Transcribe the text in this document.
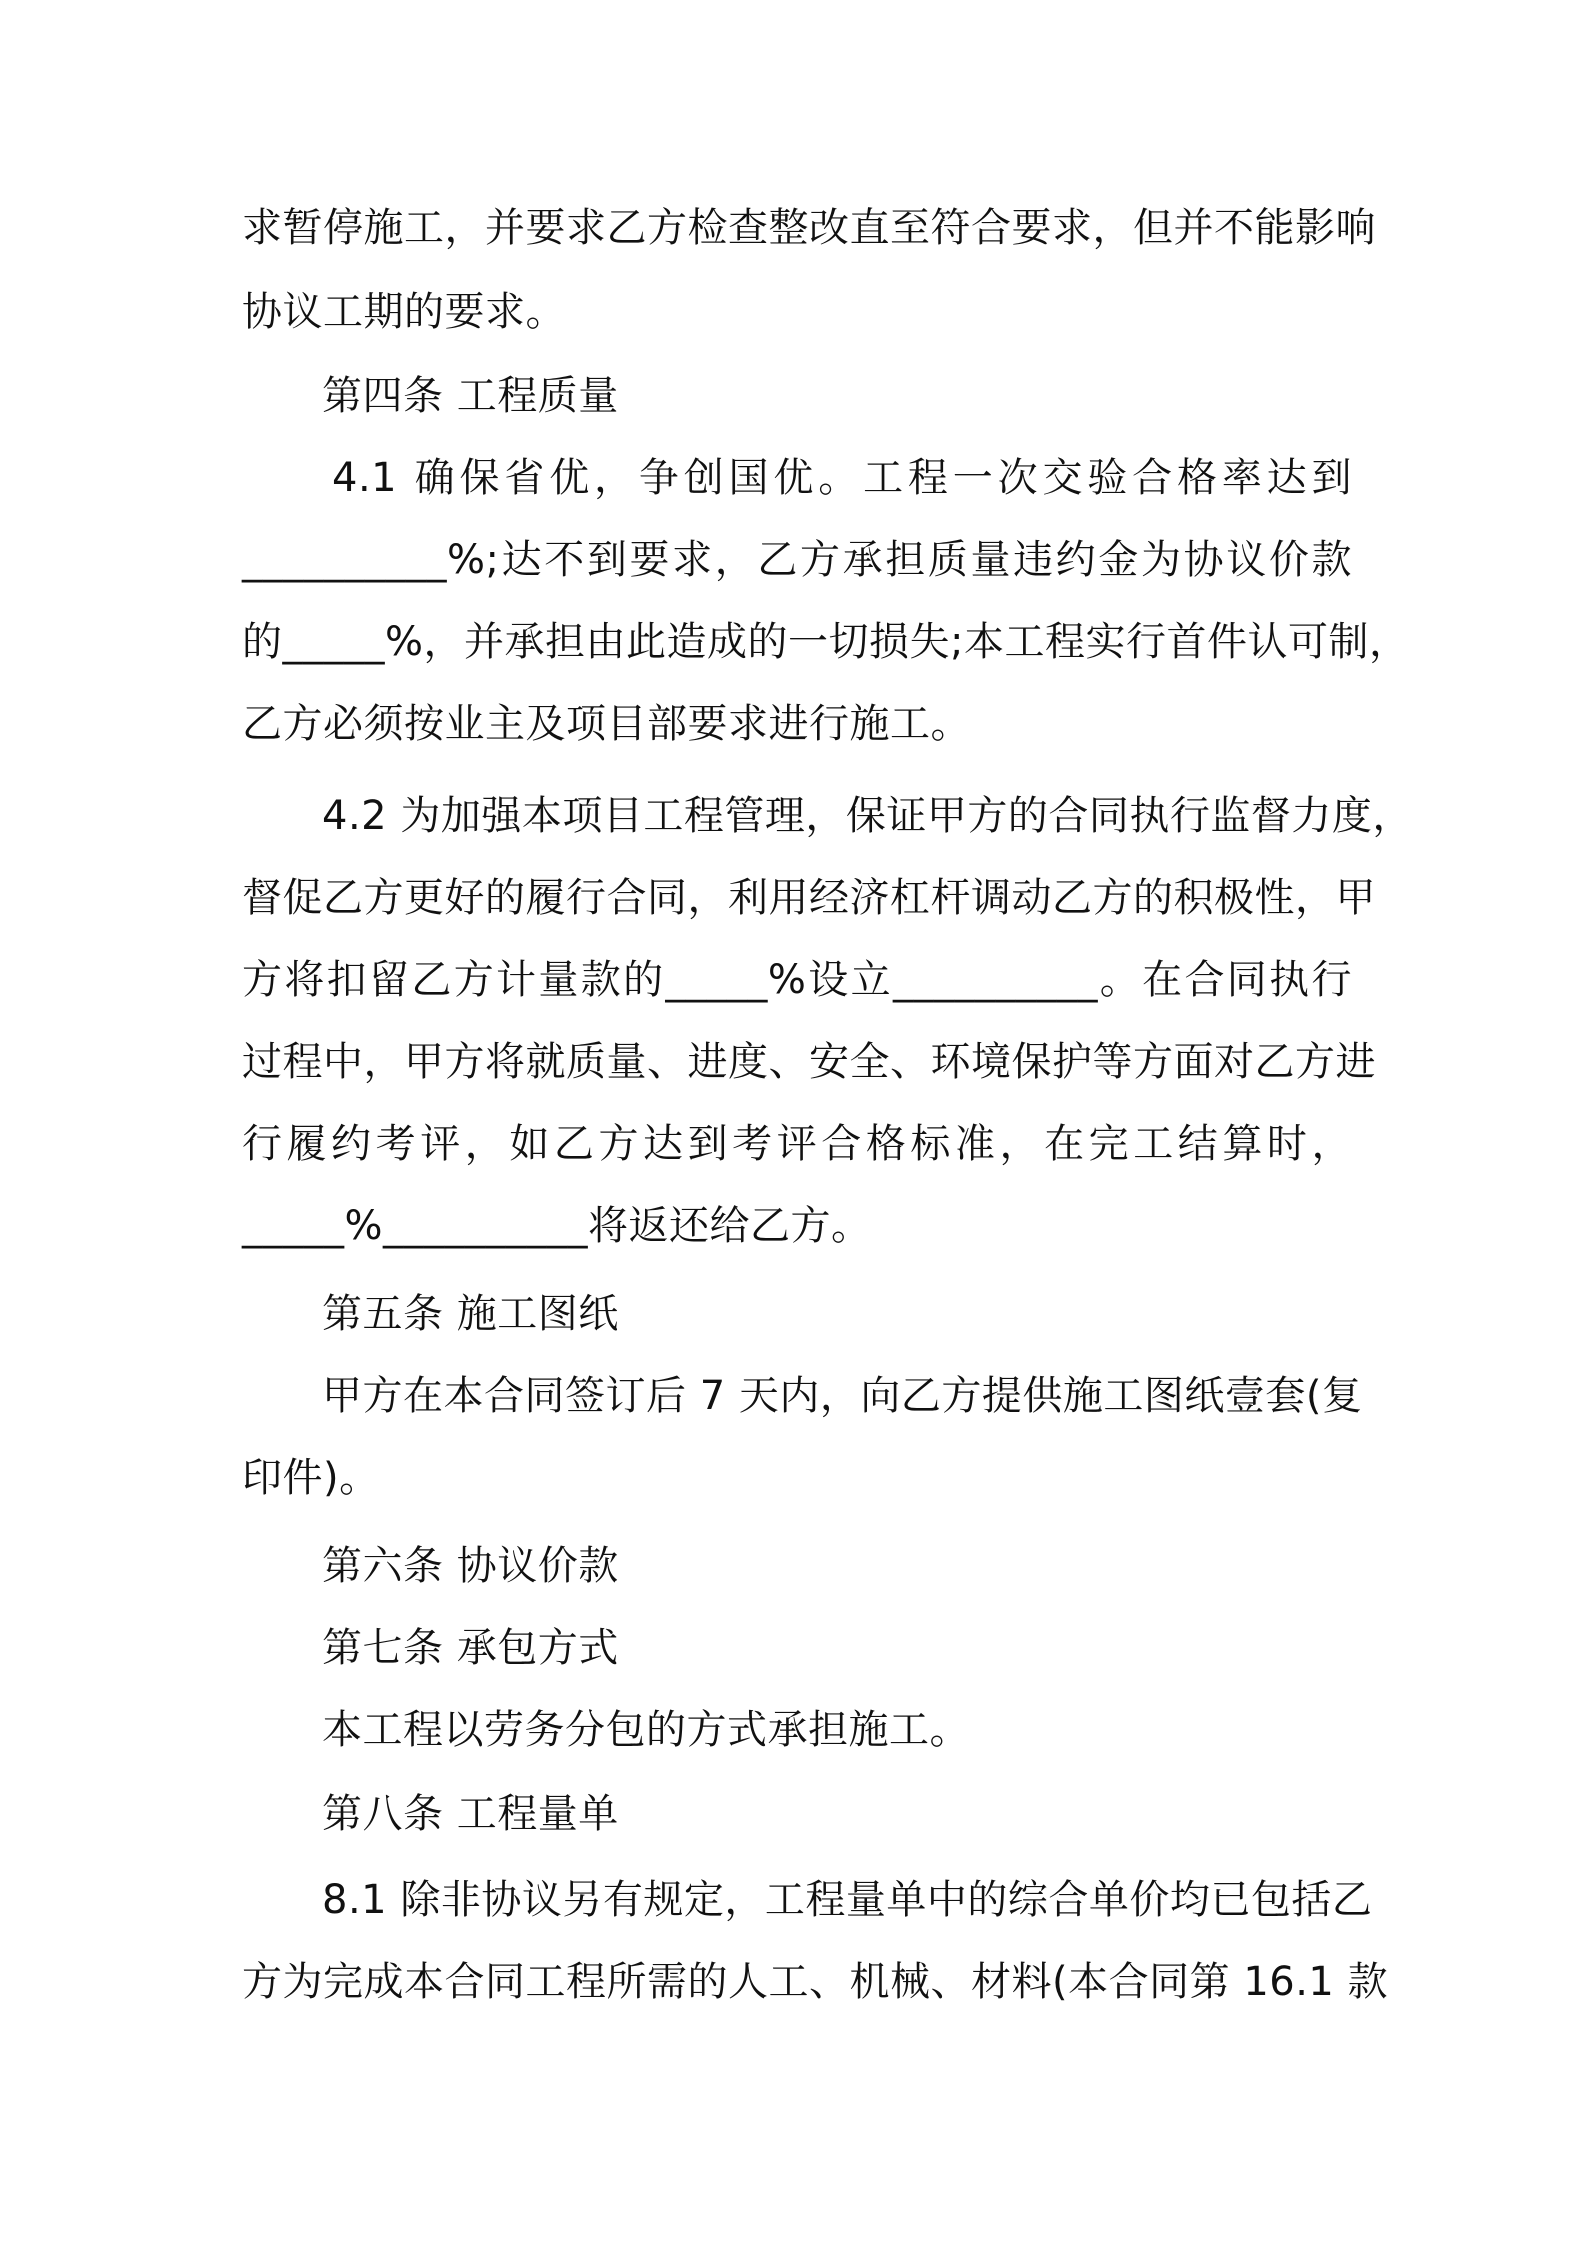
求暂停施工，并要求乙方检查整改直至符合要求，但并不能影响
协议工期的要求。
第四条 工程质量
4.1 确保省优，争创国优。工程一次交验合格率达到
__________%;达不到要求，乙方承担质量违约金为协议价款
的_____%，并承担由此造成的一切损失;本工程实行首件认可制，
乙方必须按业主及项目部要求进行施工。
4.2 为加强本项目工程管理，保证甲方的合同执行监督力度，
督促乙方更好的履行合同，利用经济杠杆调动乙方的积极性，甲
方将扣留乙方计量款的_____%设立__________。在合同执行
过程中，甲方将就质量、进度、安全、环境保护等方面对乙方进
行履约考评，如乙方达到考评合格标准，在完工结算时，
_____%__________将返还给乙方。
第五条 施工图纸
甲方在本合同签订后 7 天内，向乙方提供施工图纸壹套(复
印件)。
第六条 协议价款
第七条 承包方式
本工程以劳务分包的方式承担施工。
第八条 工程量单
8.1 除非协议另有规定，工程量单中的综合单价均已包括乙
方为完成本合同工程所需的人工、机械、材料(本合同第 16.1 款
